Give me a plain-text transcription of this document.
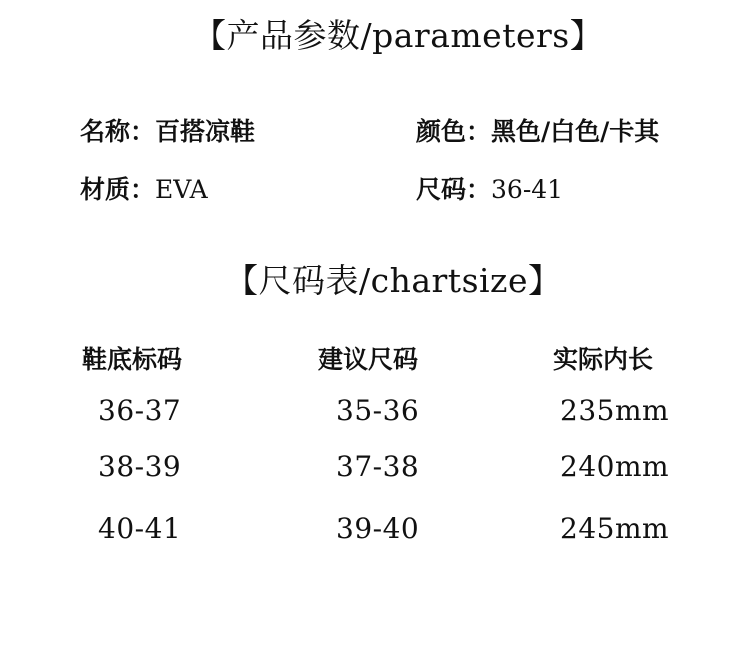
【产品参数/parameters】
名称：百搭凉鞋	颜色：黑色/白色/卡其
材质：EVA	尺码：36-41
【尺码表/chartsize】
鞋底标码	建议尺码	实际内长
36-37	35-36	235mm
38-39	37-38	240mm
40-41	39-40	245mm
